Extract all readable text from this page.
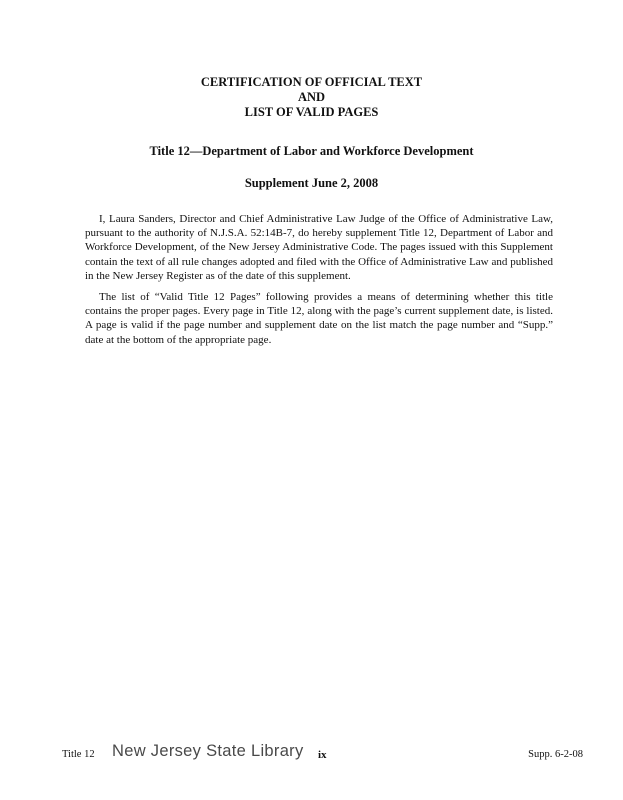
CERTIFICATION OF OFFICIAL TEXT
AND
LIST OF VALID PAGES
Title 12—Department of Labor and Workforce Development
Supplement June 2, 2008

I, Laura Sanders, Director and Chief Administrative Law Judge of the Office of Administrative Law, pursuant to the authority of N.J.S.A. 52:14B-7, do hereby supplement Title 12, Department of Labor and Workforce Development, of the New Jersey Administrative Code. The pages issued with this Supplement contain the text of all rule changes adopted and filed with the Office of Administrative Law and published in the New Jersey Register as of the date of this supplement.

The list of “Valid Title 12 Pages” following provides a means of determining whether this title contains the proper pages. Every page in Title 12, along with the page’s current supplement date, is listed. A page is valid if the page number and supplement date on the list match the page number and “Supp.” date at the bottom of the appropriate page.

Title 12 New Jersey State Library ix	Supp. 6-2-08
